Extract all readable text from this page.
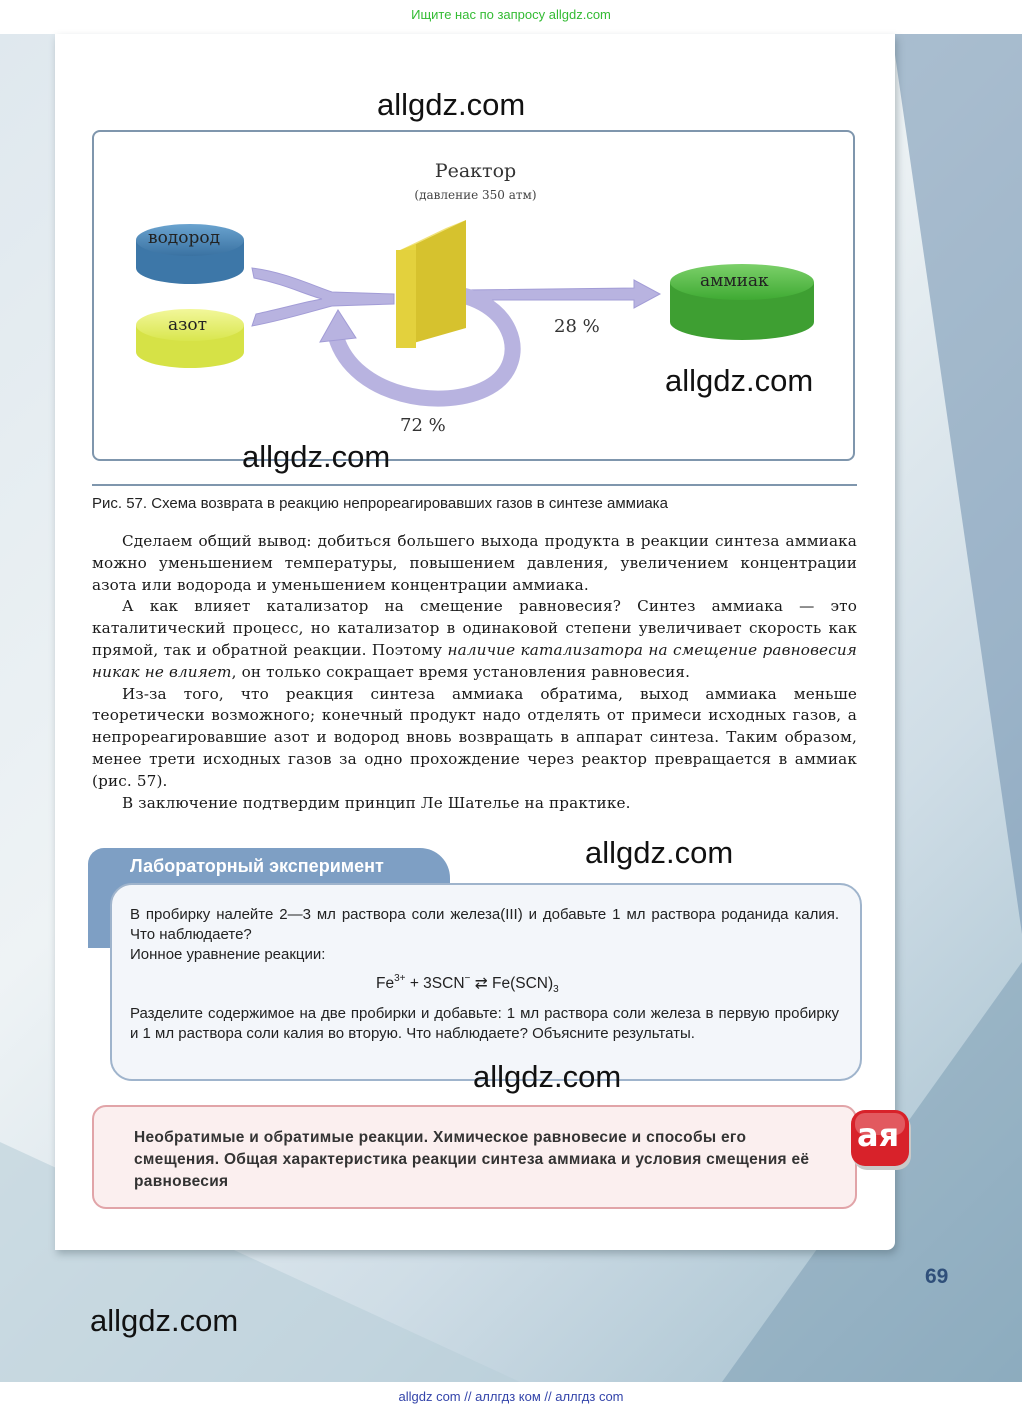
Ищите нас по запросу allgdz.com
allgdz.com
Реактор
(давление 350 атм)
водород
азот
аммиак
28 %
72 %
allgdz.com
allgdz.com
Рис. 57. Схема возврата в реакцию непрореагировавших газов в синтезе аммиака

Сделаем общий вывод: добиться большего выхода продукта в реакции синтеза аммиака можно уменьшением температуры, повышением давления, увеличением концентрации азота или водорода и уменьшением концентрации аммиака.

А как влияет катализатор на смещение равновесия? Синтез аммиака — это каталитический процесс, но катализатор в одинаковой степени увеличивает скорость как прямой, так и обратной реакции. Поэтому наличие катализатора на смещение равновесия никак не влияет, он только сокращает время установления равновесия.

Из-за того, что реакция синтеза аммиака обратима, выход аммиака меньше теоретически возможного; конечный продукт надо отделять от примеси исходных газов, а непрореагировавшие азот и водород вновь возвращать в аппарат синтеза. Таким образом, менее трети исходных газов за одно прохождение через реактор превращается в аммиак (рис. 57).

В заключение подтвердим принцип Ле Шателье на практике.

Лабораторный эксперимент	allgdz.com
В пробирку налейте 2—3 мл раствора соли железа(III) и добавьте 1 мл раствора роданида калия. Что наблюдаете?
Ионное уравнение реакции:
$Fe^{3+} + 3SCN^-$ ⇄ $Fe(SCN)_3$
Разделите содержимое на две пробирки и добавьте: 1 мл раствора соли железа в первую пробирку и 1 мл раствора соли калия во вторую. Что наблюдаете? Объясните результаты.
allgdz.com
Необратимые и обратимые реакции. Химическое равновесие и способы его смещения. Общая характеристика реакции синтеза аммиака и условия смещения её равновесия
ая
69
allgdz.com
allgdz com // аллгдз ком // аллгдз com
